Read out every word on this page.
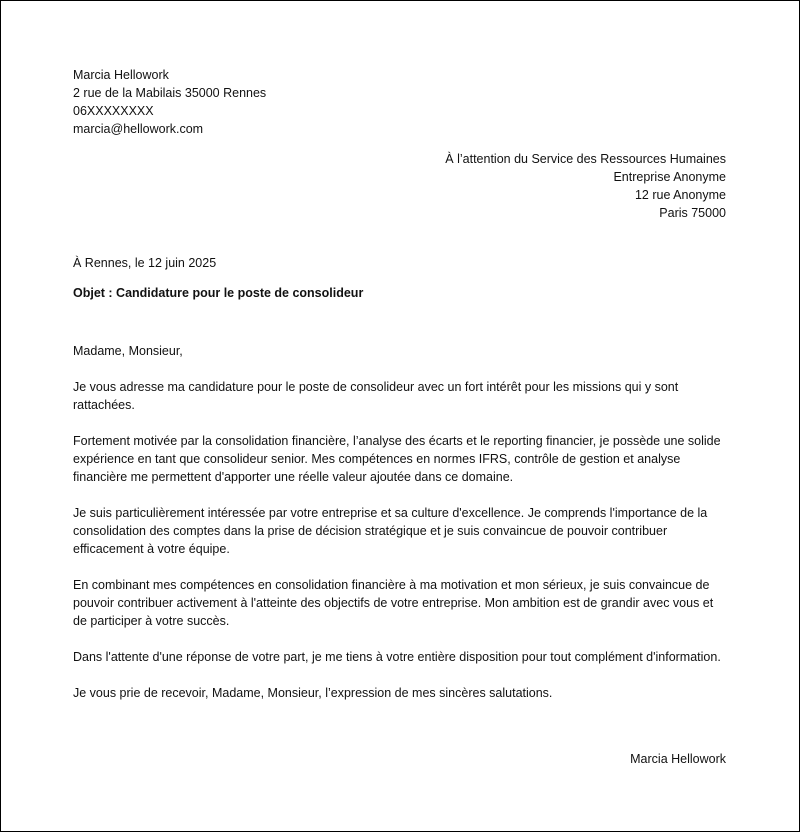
Marcia Hellowork
2 rue de la Mabilais 35000 Rennes
06XXXXXXXX
marcia@hellowork.com
À l’attention du Service des Ressources Humaines
Entreprise Anonyme
12 rue Anonyme
Paris 75000
À Rennes, le 12 juin 2025
Objet : Candidature pour le poste de consolideur

Madame, Monsieur,

Je vous adresse ma candidature pour le poste de consolideur avec un fort intérêt pour les missions qui y sont rattachées.

Fortement motivée par la consolidation financière, l’analyse des écarts et le reporting financier, je possède une solide expérience en tant que consolideur senior. Mes compétences en normes IFRS, contrôle de gestion et analyse financière me permettent d'apporter une réelle valeur ajoutée dans ce domaine.

Je suis particulièrement intéressée par votre entreprise et sa culture d'excellence. Je comprends l'importance de la consolidation des comptes dans la prise de décision stratégique et je suis convaincue de pouvoir contribuer efficacement à votre équipe.

En combinant mes compétences en consolidation financière à ma motivation et mon sérieux, je suis convaincue de pouvoir contribuer activement à l'atteinte des objectifs de votre entreprise. Mon ambition est de grandir avec vous et de participer à votre succès.

Dans l'attente d'une réponse de votre part, je me tiens à votre entière disposition pour tout complément d'information.

Je vous prie de recevoir, Madame, Monsieur, l’expression de mes sincères salutations.

Marcia Hellowork
